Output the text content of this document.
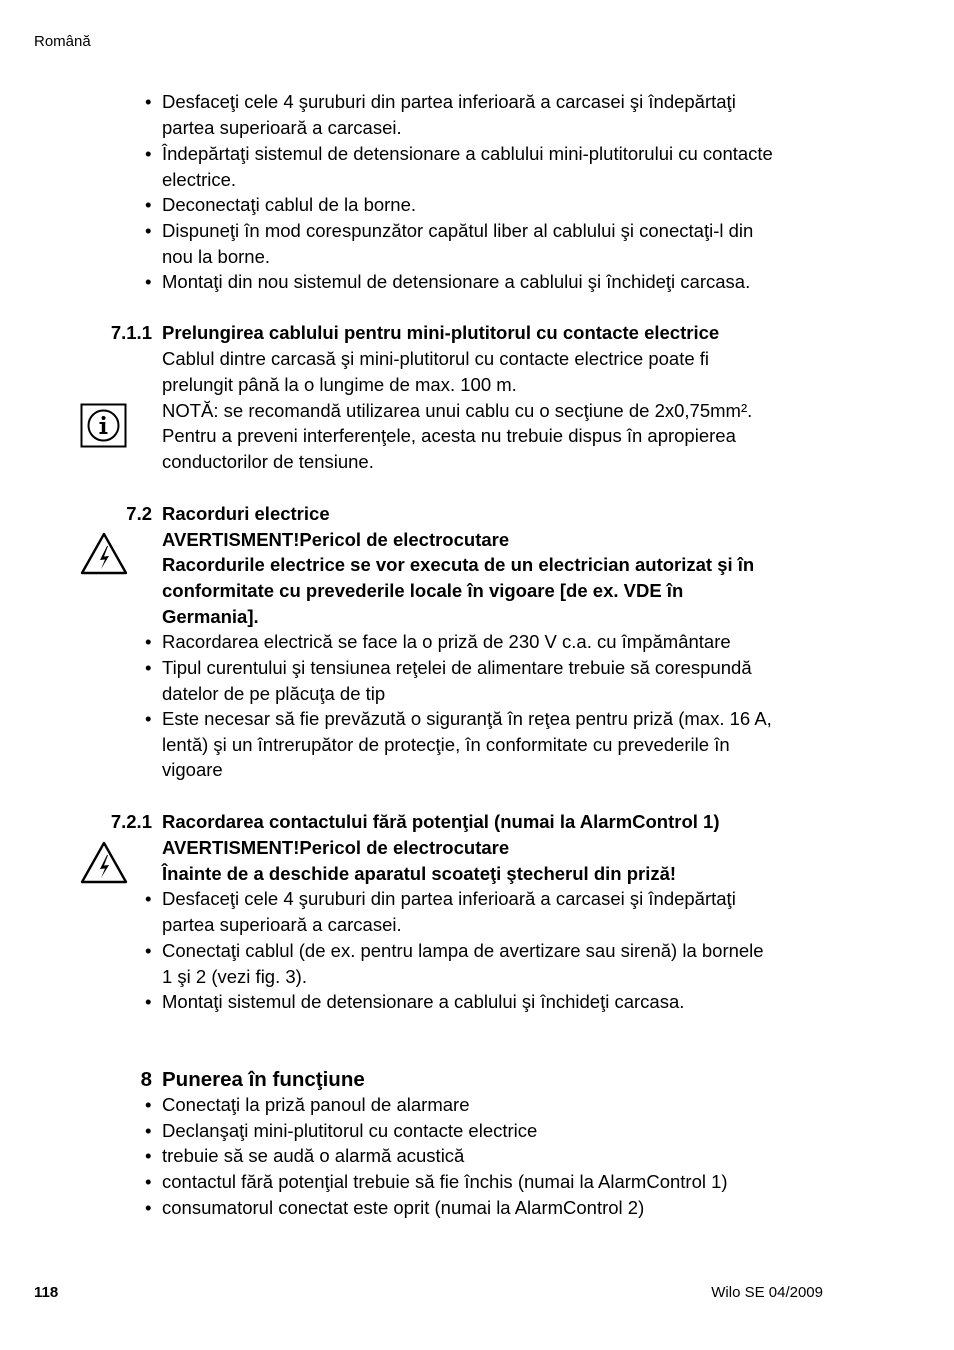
Română
• Desfaceţi cele 4 şuruburi din partea inferioară a carcasei şi îndepărtaţi
partea superioară a carcasei.
• Îndepărtaţi sistemul de detensionare a cablului mini-plutitorului cu contacte
electrice.
• Deconectaţi cablul de la borne.
• Dispuneţi în mod corespunzător capătul liber al cablului şi conectaţi-l din
nou la borne.
• Montaţi din nou sistemul de detensionare a cablului şi închideţi carcasa.
7.1.1 Prelungirea cablului pentru mini-plutitorul cu contacte electrice
Cablul dintre carcasă şi mini-plutitorul cu contacte electrice poate fi
prelungit până la o lungime de max. 100 m.
NOTĂ: se recomandă utilizarea unui cablu cu o secţiune de 2x0,75mm².
Pentru a preveni interferenţele, acesta nu trebuie dispus în apropierea
conductorilor de tensiune.
7.2 Racorduri electrice
AVERTISMENT!Pericol de electrocutare
Racordurile electrice se vor executa de un electrician autorizat şi în
conformitate cu prevederile locale în vigoare [de ex. VDE în
Germania].
• Racordarea electrică se face la o priză de 230 V c.a. cu împământare
• Tipul curentului şi tensiunea reţelei de alimentare trebuie să corespundă
datelor de pe plăcuţa de tip
• Este necesar să fie prevăzută o siguranţă în reţea pentru priză (max. 16 A,
lentă) şi un întrerupător de protecţie, în conformitate cu prevederile în
vigoare
7.2.1 Racordarea contactului fără potenţial (numai la AlarmControl 1)
AVERTISMENT!Pericol de electrocutare
Înainte de a deschide aparatul scoateţi ştecherul din priză!
• Desfaceţi cele 4 şuruburi din partea inferioară a carcasei şi îndepărtaţi
partea superioară a carcasei.
• Conectaţi cablul (de ex. pentru lampa de avertizare sau sirenă) la bornele
1 şi 2 (vezi fig. 3).
• Montaţi sistemul de detensionare a cablului şi închideţi carcasa.
8 Punerea în funcţiune
• Conectaţi la priză panoul de alarmare
• Declanşaţi mini-plutitorul cu contacte electrice
• trebuie să se audă o alarmă acustică
• contactul fără potenţial trebuie să fie închis (numai la AlarmControl 1)
• consumatorul conectat este oprit (numai la AlarmControl 2)
118	Wilo SE 04/2009
